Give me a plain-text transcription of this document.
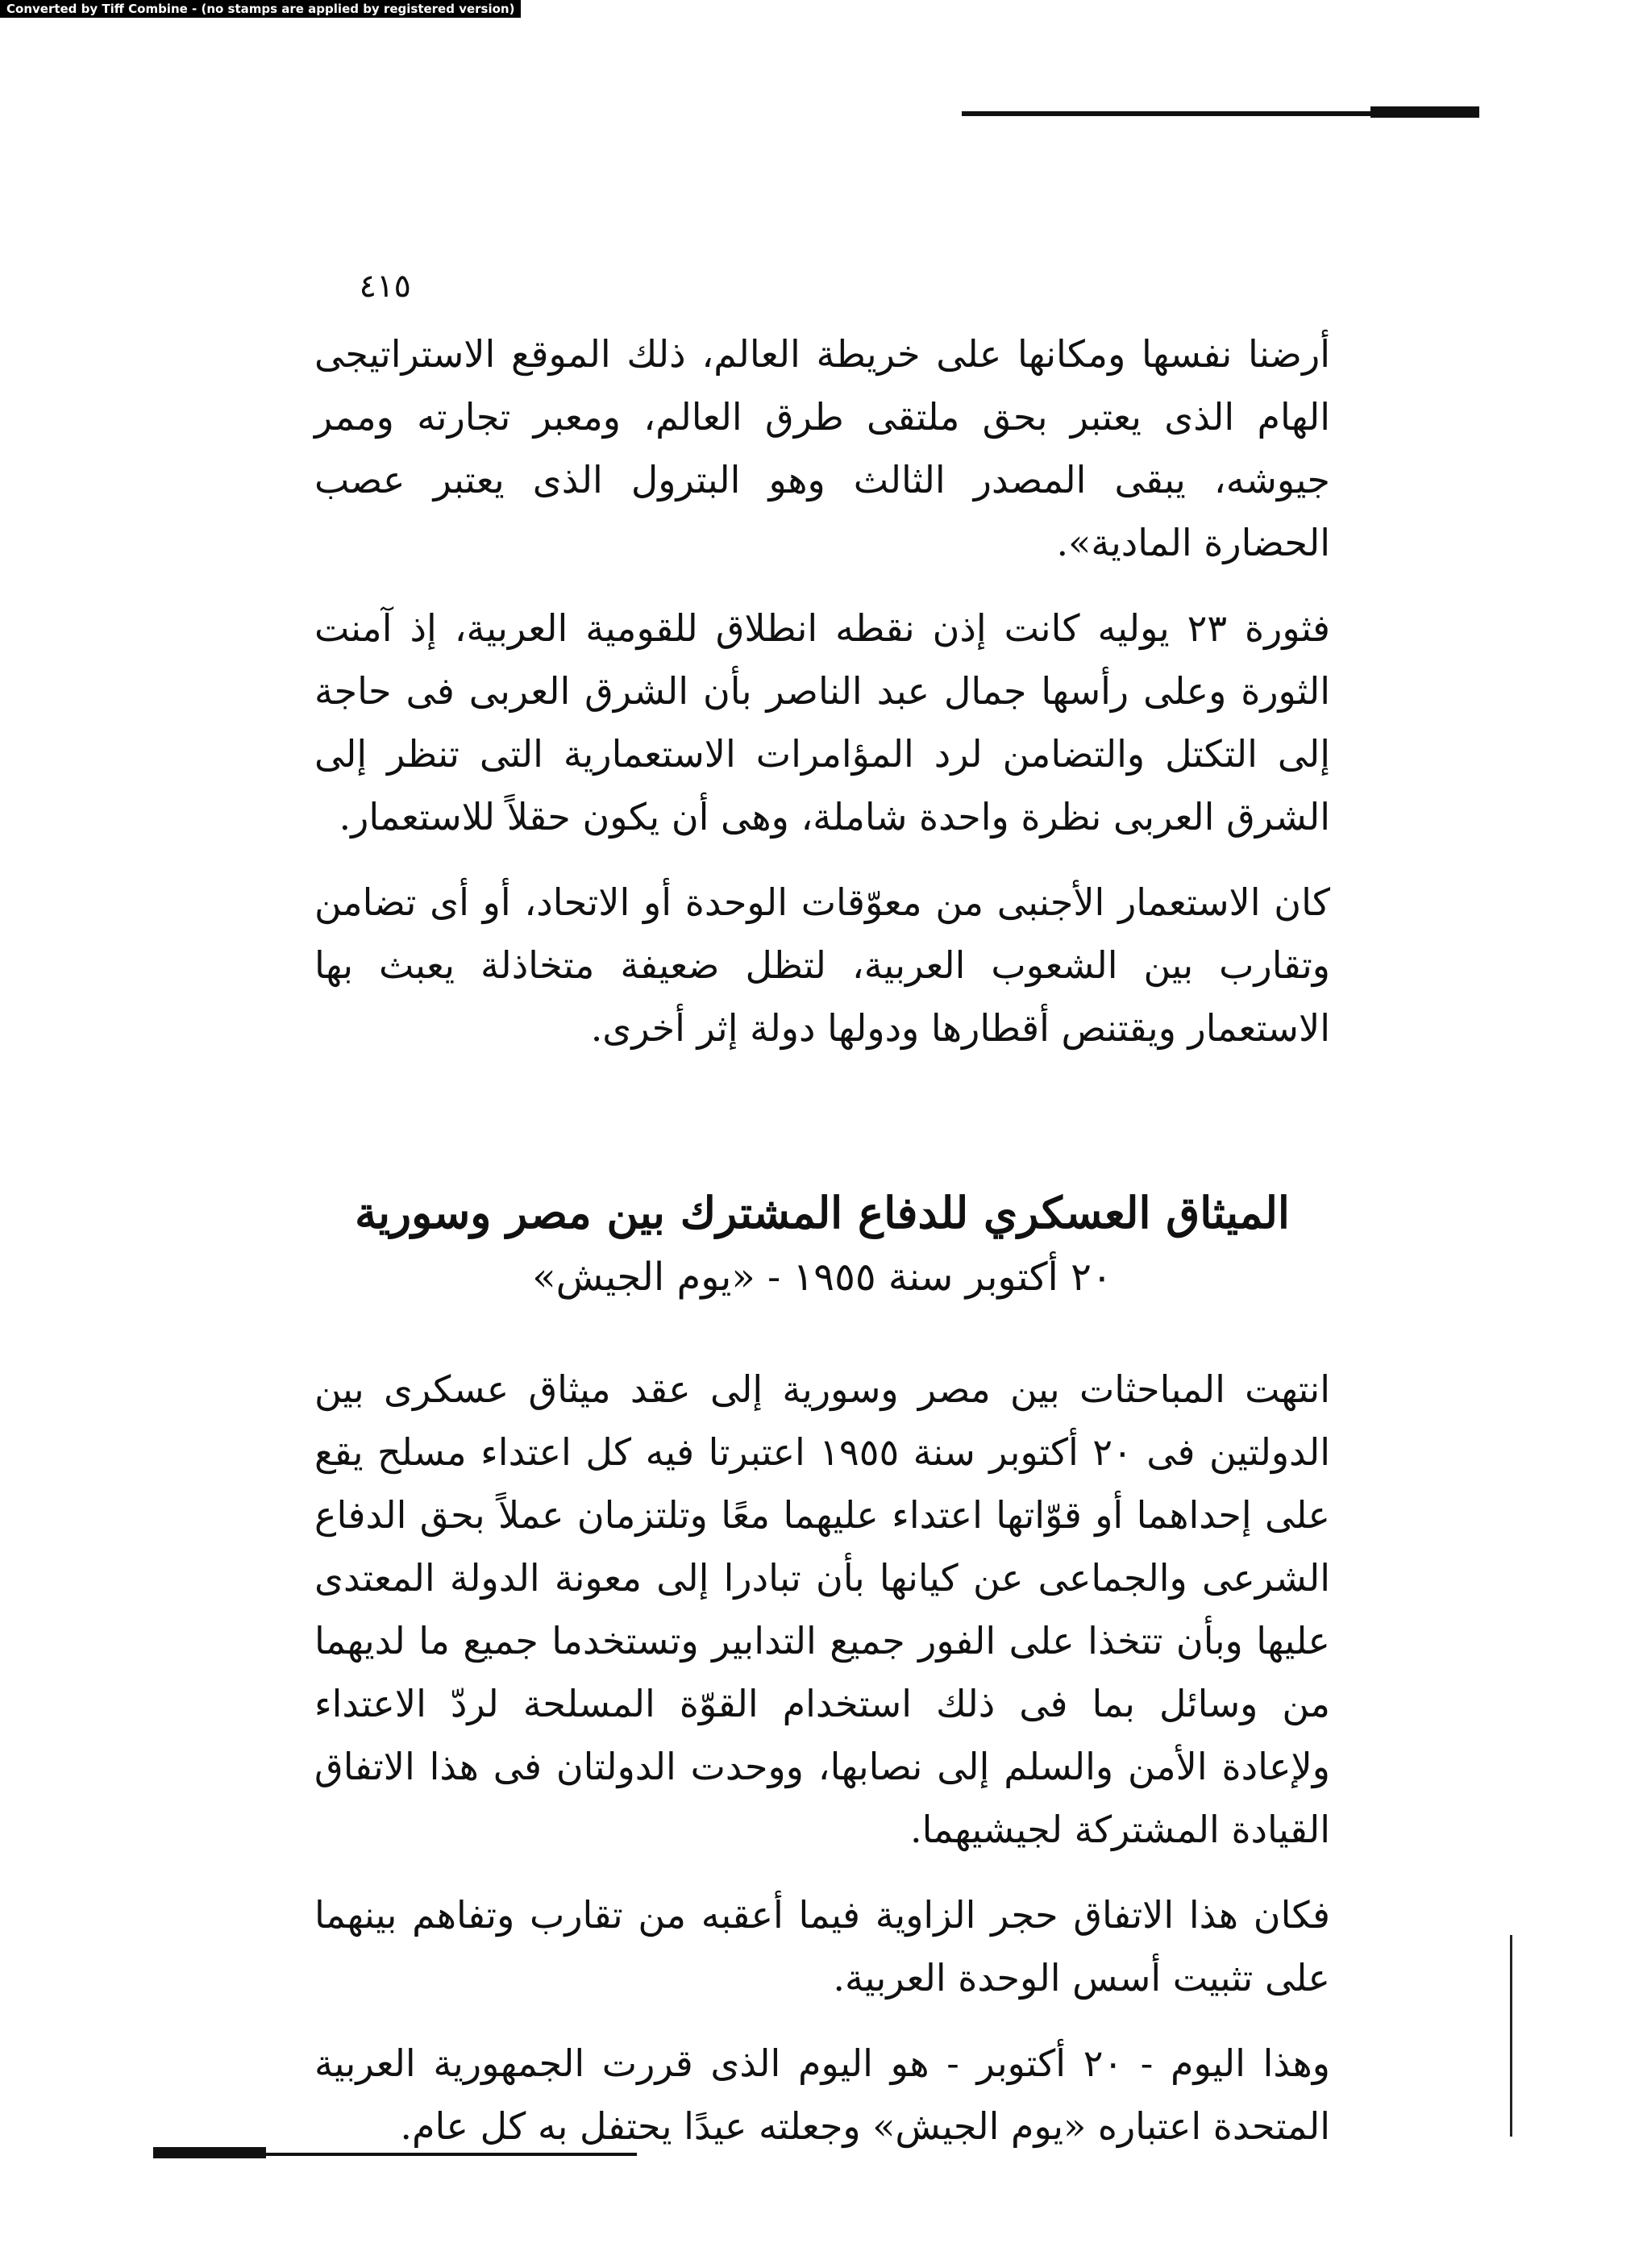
Converted by Tiff Combine - (no stamps are applied by registered version)
٤١٥

أرضنا نفسها ومكانها على خريطة العالم، ذلك الموقع الاستراتيجى الهام الذى يعتبر بحق ملتقى طرق العالم، ومعبر تجارته وممر جيوشه، يبقى المصدر الثالث وهو البترول الذى يعتبر عصب الحضارة المادية».

فثورة ٢٣ يوليه كانت إذن نقطه انطلاق للقومية العربية، إذ آمنت الثورة وعلى رأسها جمال عبد الناصر بأن الشرق العربى فى حاجة إلى التكتل والتضامن لرد المؤامرات الاستعمارية التى تنظر إلى الشرق العربى نظرة واحدة شاملة، وهى أن يكون حقلاً للاستعمار.

كان الاستعمار الأجنبى من معوّقات الوحدة أو الاتحاد، أو أى تضامن وتقارب بين الشعوب العربية، لتظل ضعيفة متخاذلة يعبث بها الاستعمار ويقتنص أقطارها ودولها دولة إثر أخرى.

الميثاق العسكري للدفاع المشترك بين مصر وسورية
٢٠ أكتوبر سنة ١٩٥٥ - «يوم الجيش»

انتهت المباحثات بين مصر وسورية إلى عقد ميثاق عسكرى بين الدولتين فى ٢٠ أكتوبر سنة ١٩٥٥ اعتبرتا فيه كل اعتداء مسلح يقع على إحداهما أو قوّاتها اعتداء عليهما معًا وتلتزمان عملاً بحق الدفاع الشرعى والجماعى عن كيانها بأن تبادرا إلى معونة الدولة المعتدى عليها وبأن تتخذا على الفور جميع التدابير وتستخدما جميع ما لديهما من وسائل بما فى ذلك استخدام القوّة المسلحة لردّ الاعتداء ولإعادة الأمن والسلم إلى نصابها، ووحدت الدولتان فى هذا الاتفاق القيادة المشتركة لجيشيهما.

فكان هذا الاتفاق حجر الزاوية فيما أعقبه من تقارب وتفاهم بينهما على تثبيت أسس الوحدة العربية.

وهذا اليوم - ٢٠ أكتوبر - هو اليوم الذى قررت الجمهورية العربية المتحدة اعتباره «يوم الجيش» وجعلته عيدًا يحتفل به كل عام.
